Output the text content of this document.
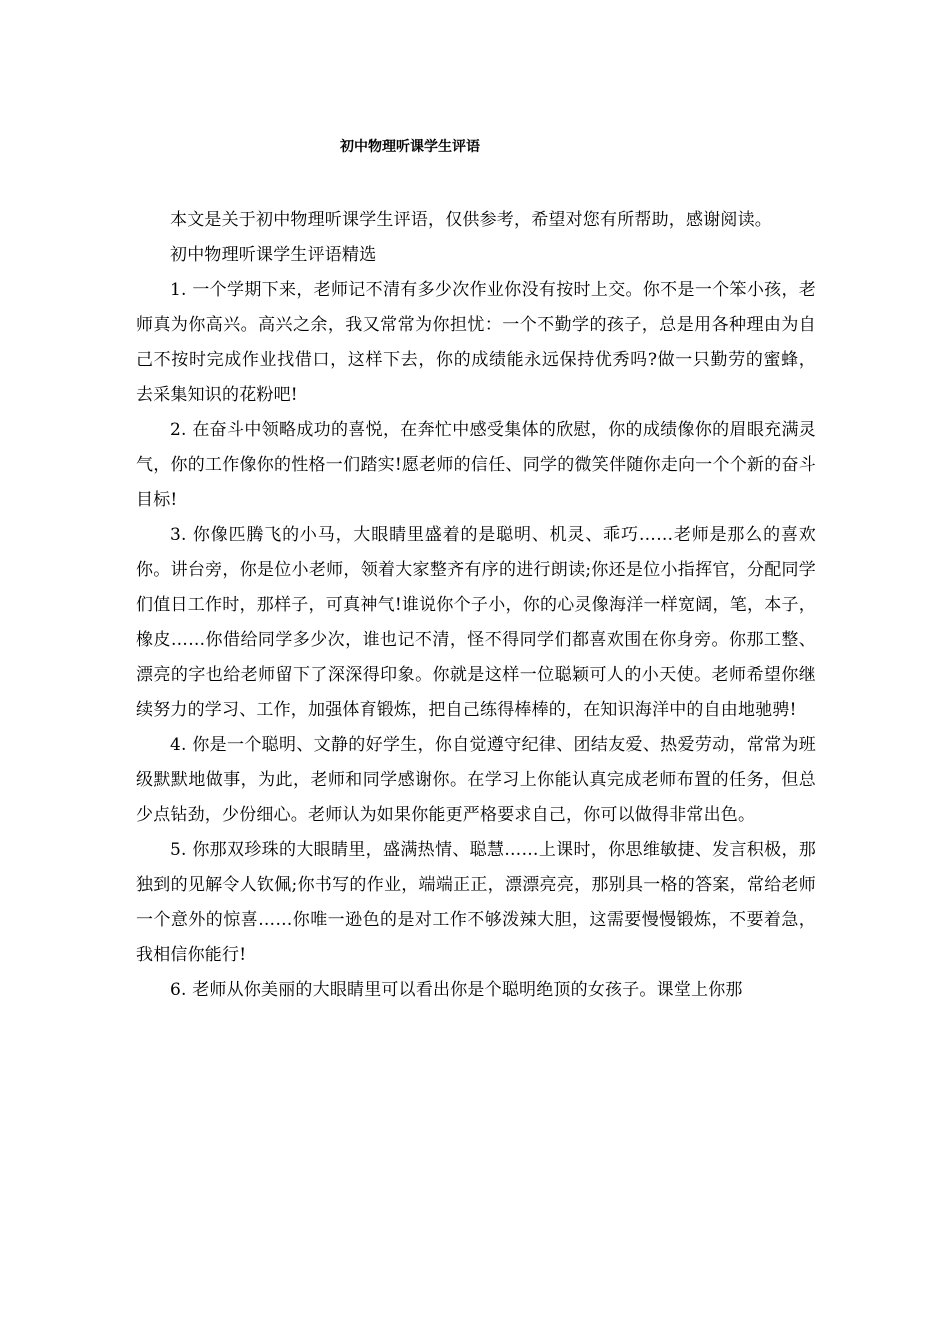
初中物理听课学生评语

本文是关于初中物理听课学生评语，仅供参考，希望对您有所帮助，感谢阅读。

初中物理听课学生评语精选

1. 一个学期下来，老师记不清有多少次作业你没有按时上交。你不是一个笨小孩，老师真为你高兴。高兴之余，我又常常为你担忧：一个不勤学的孩子，总是用各种理由为自己不按时完成作业找借口，这样下去，你的成绩能永远保持优秀吗?做一只勤劳的蜜蜂，去采集知识的花粉吧!

2. 在奋斗中领略成功的喜悦，在奔忙中感受集体的欣慰，你的成绩像你的眉眼充满灵气，你的工作像你的性格一们踏实!愿老师的信任、同学的微笑伴随你走向一个个新的奋斗目标!

3. 你像匹腾飞的小马，大眼睛里盛着的是聪明、机灵、乖巧……老师是那么的喜欢你。讲台旁，你是位小老师，领着大家整齐有序的进行朗读;你还是位小指挥官，分配同学们值日工作时，那样子，可真神气!谁说你个子小，你的心灵像海洋一样宽阔，笔，本子，橡皮……你借给同学多少次，谁也记不清，怪不得同学们都喜欢围在你身旁。你那工整、漂亮的字也给老师留下了深深得印象。你就是这样一位聪颖可人的小天使。老师希望你继续努力的学习、工作，加强体育锻炼，把自己练得棒棒的，在知识海洋中的自由地驰骋!

4. 你是一个聪明、文静的好学生，你自觉遵守纪律、团结友爱、热爱劳动，常常为班级默默地做事，为此，老师和同学感谢你。在学习上你能认真完成老师布置的任务，但总少点钻劲，少份细心。老师认为如果你能更严格要求自己，你可以做得非常出色。

5. 你那双珍珠的大眼睛里，盛满热情、聪慧……上课时，你思维敏捷、发言积极，那独到的见解令人钦佩;你书写的作业，端端正正，漂漂亮亮，那别具一格的答案，常给老师一个意外的惊喜……你唯一逊色的是对工作不够泼辣大胆，这需要慢慢锻炼，不要着急，我相信你能行!

6. 老师从你美丽的大眼睛里可以看出你是个聪明绝顶的女孩子。课堂上你那
